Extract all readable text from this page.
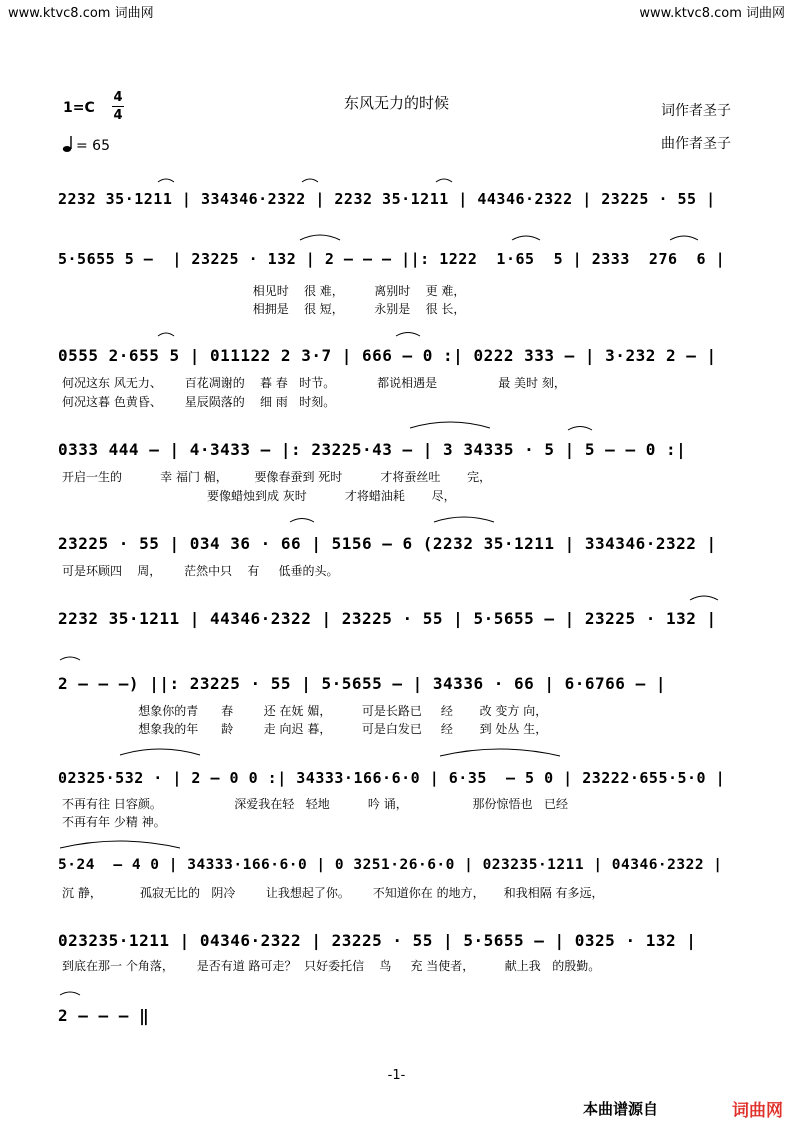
www.ktvc8.com 词曲网	www.ktvc8.com 词曲网
1=C
4
4
东风无力的时候	词作者圣子
曲作者圣子
= 65
2232 35·1211 | 334346·2322 | 2232 35·1211 | 44346·2322 | 23225 · 55 |
5·5655 5 –  | 23225 · 132 | 2 – – – ||: 1222  1·65  5 | 2333  276  6 |
相见时    很 难，        离别时    更 难，
相拥是    很 短，        永别是    很 长，
0555 2·655 5 | 011122 2 3·7 | 666 – 0 :| 0222 333 – | 3·232 2 – |
何况这东 风无力、      百花凋谢的    暮 春   时节。           都说相遇是                最 美时 刻，
何况这暮 色黄昏、      星辰陨落的    细 雨   时刻。
0333 444 – | 4·3433 – |: 23225·43 – | 3 34335 · 5 | 5 – – 0 :|
开启一生的          幸 福门 楣，       要像春蚕到 死时          才将蚕丝吐       完，
要像蜡烛到成 灰时          才将蜡油耗       尽，
23225 · 55 | 034 36 · 66 | 5156 – 6 (2232 35·1211 | 334346·2322 |
可是环顾四    周，      茫然中只    有     低垂的头。
2232 35·1211 | 44346·2322 | 23225 · 55 | 5·5655 – | 23225 · 132 |
2 – – –) ||: 23225 · 55 | 5·5655 – | 34336 · 66 | 6·6766 – |
想象你的青      春        还 在妩 媚，        可是长路已     经       改 变方 向，
想象我的年      龄        走 向迟 暮，        可是白发已     经       到 处丛 生，
02325·532 · | 2 – 0 0 :| 34333·166·6·0 | 6·35  – 5 0 | 23222·655·5·0 |
不再有往 日容颜。                   深爱我在轻   轻地          吟 诵，                 那份惊悟也   已经
不再有年 少精 神。
5·24  – 4 0 | 34333·166·6·0 | 0 3251·26·6·0 | 023235·1211 | 04346·2322 |
沉 静，          孤寂无比的   阴冷        让我想起了你。      不知道你在 的地方，     和我相隔 有多远，
023235·1211 | 04346·2322 | 23225 · 55 | 5·5655 – | 0325 · 132 |
到底在那一 个角落，      是否有道 路可走？  只好委托信    鸟     充 当使者，        献上我   的殷勤。
2 – – – ‖
-1-
本曲谱源自	词曲网
